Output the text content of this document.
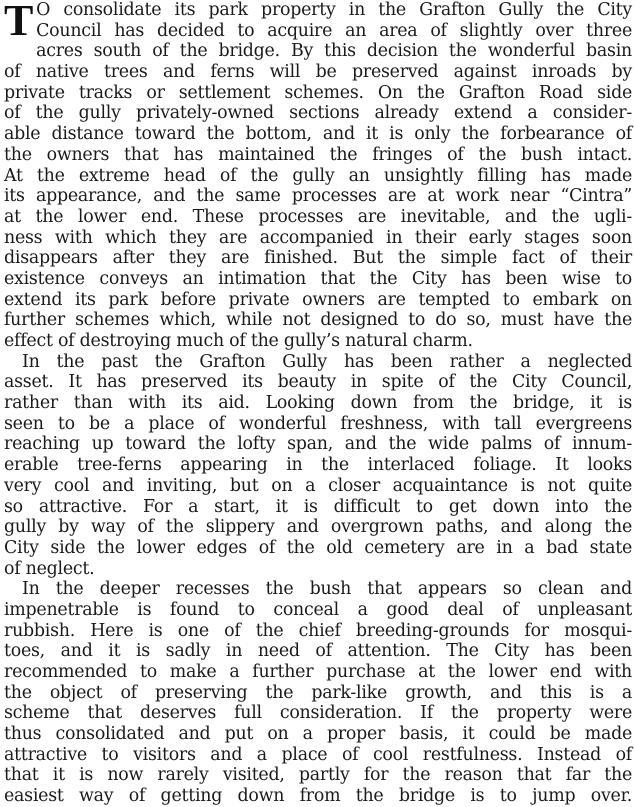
T O consolidate its park property in the Grafton Gully the City
Council has decided to acquire an area of slightly over three
acres south of the bridge. By this decision the wonderful basin
of native trees and ferns will be preserved against inroads by
private tracks or settlement schemes. On the Grafton Road side
of the gully privately-owned sections already extend a consider-
able distance toward the bottom, and it is only the forbearance of
the owners that has maintained the fringes of the bush intact.
At the extreme head of the gully an unsightly filling has made
its appearance, and the same processes are at work near “Cintra”
at the lower end. These processes are inevitable, and the ugli-
ness with which they are accompanied in their early stages soon
disappears after they are finished. But the simple fact of their
existence conveys an intimation that the City has been wise to
extend its park before private owners are tempted to embark on
further schemes which, while not designed to do so, must have the
effect of destroying much of the gully’s natural charm.
In the past the Grafton Gully has been rather a neglected
asset. It has preserved its beauty in spite of the City Council,
rather than with its aid. Looking down from the bridge, it is
seen to be a place of wonderful freshness, with tall evergreens
reaching up toward the lofty span, and the wide palms of innum-
erable tree-ferns appearing in the interlaced foliage. It looks
very cool and inviting, but on a closer acquaintance is not quite
so attractive. For a start, it is difficult to get down into the
gully by way of the slippery and overgrown paths, and along the
City side the lower edges of the old cemetery are in a bad state
of neglect.
In the deeper recesses the bush that appears so clean and
impenetrable is found to conceal a good deal of unpleasant
rubbish. Here is one of the chief breeding-grounds for mosqui-
toes, and it is sadly in need of attention. The City has been
recommended to make a further purchase at the lower end with
the object of preserving the park-like growth, and this is a
scheme that deserves full consideration. If the property were
thus consolidated and put on a proper basis, it could be made
attractive to visitors and a place of cool restfulness. Instead of
that it is now rarely visited, partly for the reason that far the
easiest way of getting down from the bridge is to jump over.
